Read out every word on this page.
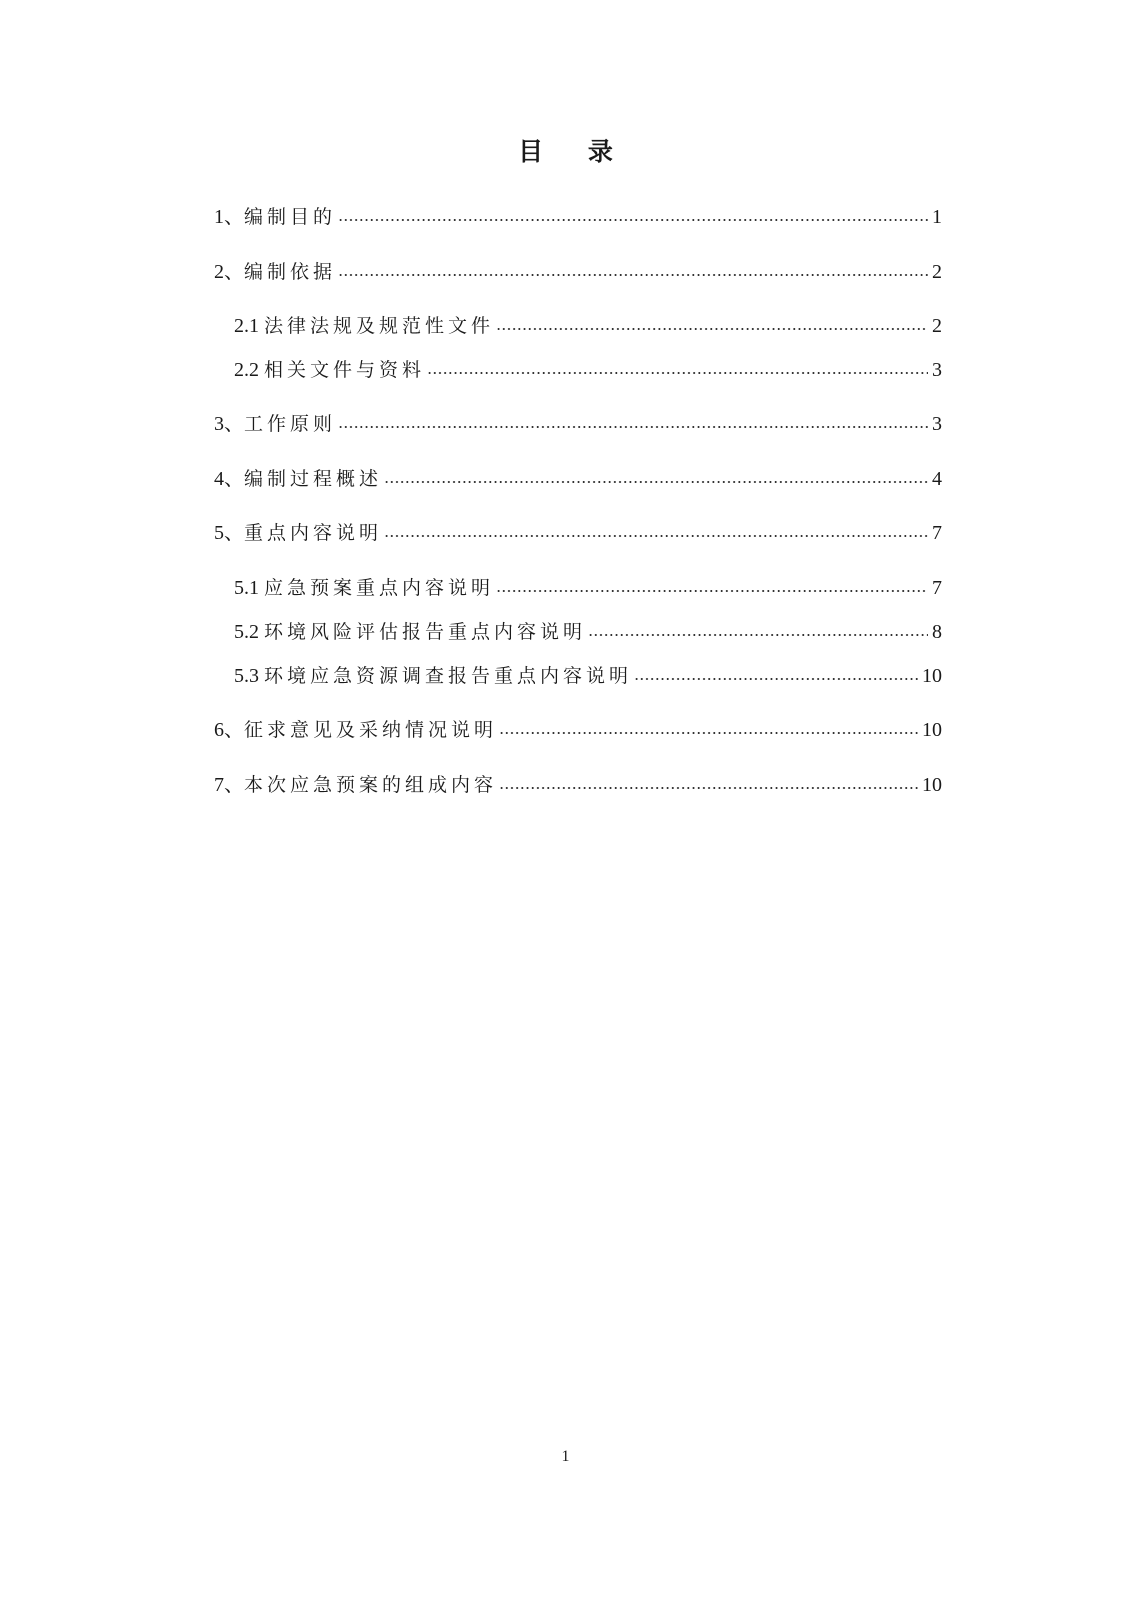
目 录
1、编制目的	1
2、编制依据	2
2.1 法律法规及规范性文件	2
2.2 相关文件与资料	3
3、工作原则	3
4、编制过程概述	4
5、重点内容说明	7
5.1 应急预案重点内容说明	7
5.2 环境风险评估报告重点内容说明	8
5.3 环境应急资源调查报告重点内容说明	10
6、征求意见及采纳情况说明	10
7、本次应急预案的组成内容	10
1
